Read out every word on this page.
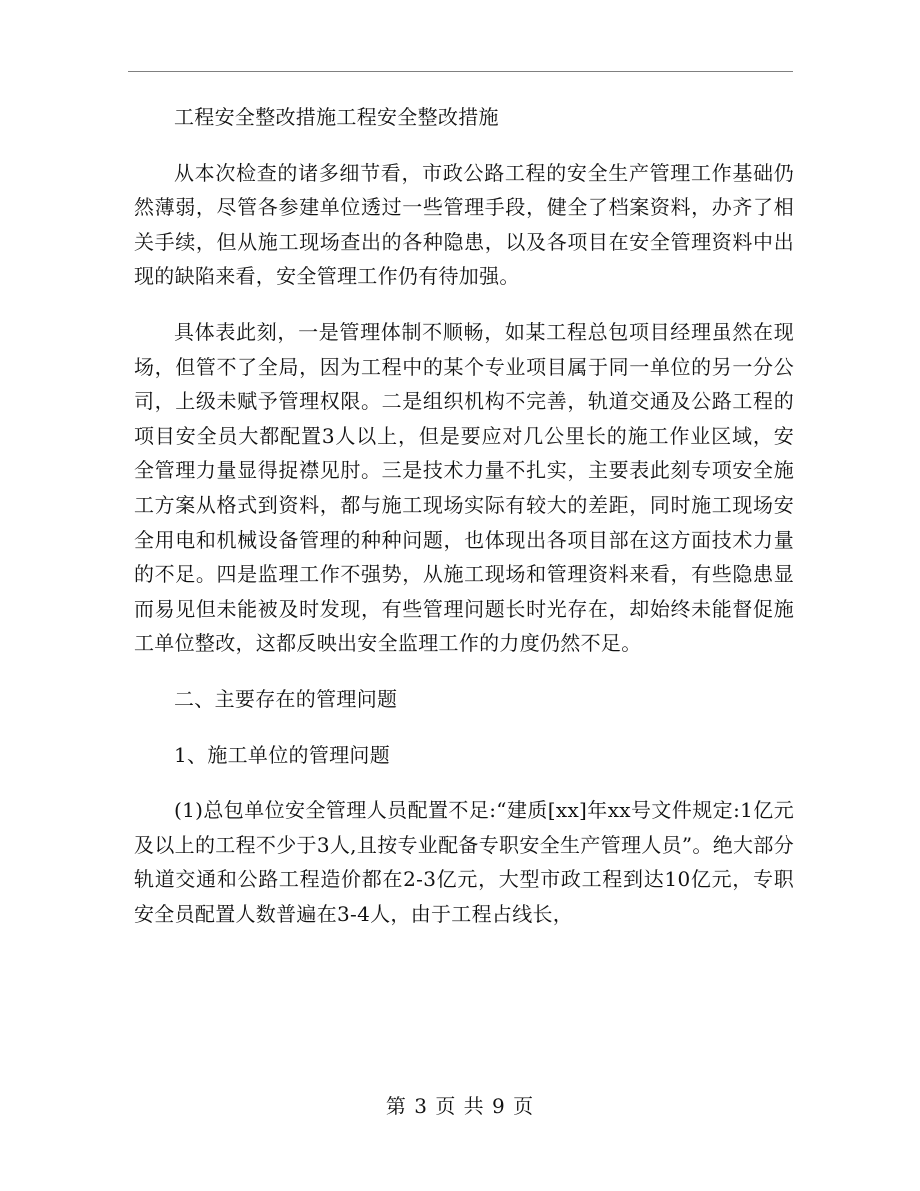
工程安全整改措施工程安全整改措施

从本次检查的诸多细节看，市政公路工程的安全生产管理工作基础仍然薄弱，尽管各参建单位透过一些管理手段，健全了档案资料，办齐了相关手续，但从施工现场查出的各种隐患，以及各项目在安全管理资料中出现的缺陷来看，安全管理工作仍有待加强。

具体表此刻，一是管理体制不顺畅，如某工程总包项目经理虽然在现场，但管不了全局，因为工程中的某个专业项目属于同一单位的另一分公司，上级未赋予管理权限。二是组织机构不完善，轨道交通及公路工程的项目安全员大都配置3人以上，但是要应对几公里长的施工作业区域，安全管理力量显得捉襟见肘。三是技术力量不扎实，主要表此刻专项安全施工方案从格式到资料，都与施工现场实际有较大的差距，同时施工现场安全用电和机械设备管理的种种问题，也体现出各项目部在这方面技术力量的不足。四是监理工作不强势，从施工现场和管理资料来看，有些隐患显而易见但未能被及时发现，有些管理问题长时光存在，却始终未能督促施工单位整改，这都反映出安全监理工作的力度仍然不足。

二、主要存在的管理问题

1、施工单位的管理问题

(1)总包单位安全管理人员配置不足:“建质[xx]年xx号文件规定:1亿元及以上的工程不少于3人,且按专业配备专职安全生产管理人员”。绝大部分轨道交通和公路工程造价都在2-3亿元，大型市政工程到达10亿元，专职安全员配置人数普遍在3-4人，由于工程占线长，

第 3 页 共 9 页
